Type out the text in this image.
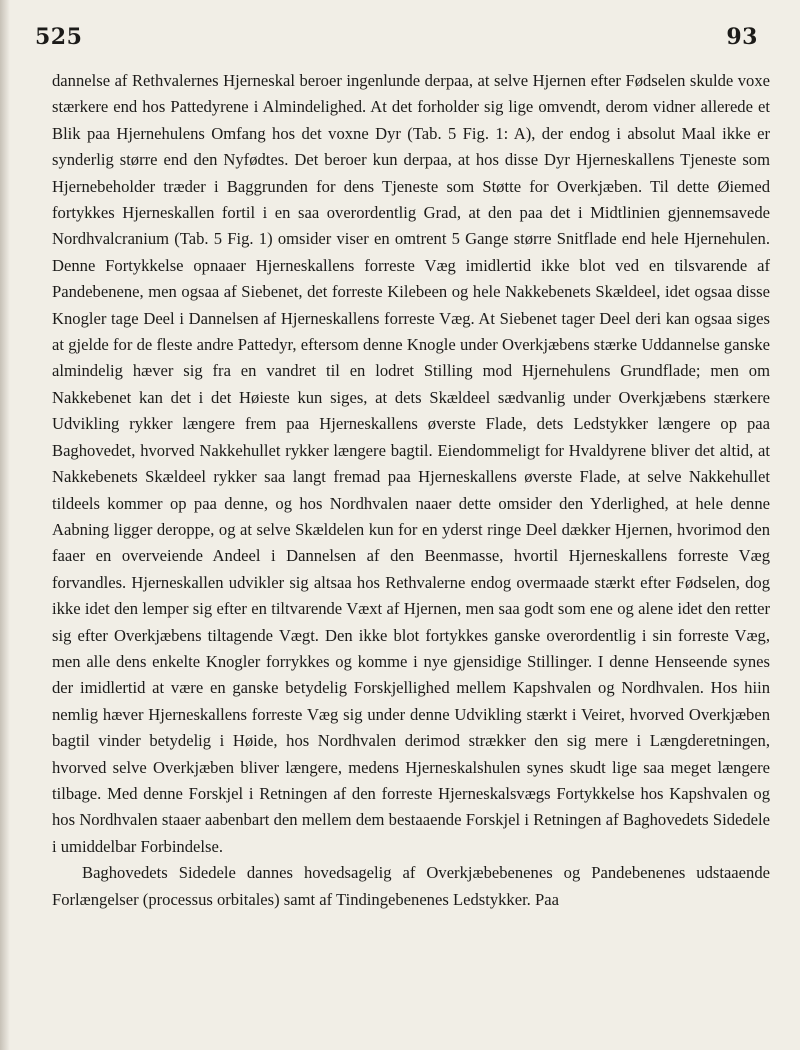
525	93

dannelse af Rethvalernes Hjerneskal beroer ingenlunde derpaa, at selve Hjernen efter Fødselen skulde voxe stærkere end hos Pattedyrene i Almindelighed. At det forholder sig lige omvendt, derom vidner allerede et Blik paa Hjernehulens Omfang hos det voxne Dyr (Tab. 5 Fig. 1: A), der endog i absolut Maal ikke er synderlig større end den Nyfødtes. Det beroer kun derpaa, at hos disse Dyr Hjerneskallens Tjeneste som Hjernebeholder træder i Baggrunden for dens Tjeneste som Støtte for Overkjæben. Til dette Øiemed fortykkes Hjerneskallen fortil i en saa overordentlig Grad, at den paa det i Midtlinien gjennemsavede Nordhvalcranium (Tab. 5 Fig. 1) omsider viser en omtrent 5 Gange større Snitflade end hele Hjernehulen. Denne Fortykkelse opnaaer Hjerneskallens forreste Væg imidlertid ikke blot ved en tilsvarende af Pandebenene, men ogsaa af Siebenet, det forreste Kilebeen og hele Nakkebenets Skældeel, idet ogsaa disse Knogler tage Deel i Dannelsen af Hjerneskallens forreste Væg. At Siebenet tager Deel deri kan ogsaa siges at gjelde for de fleste andre Pattedyr, eftersom denne Knogle under Overkjæbens stærke Uddannelse ganske almindelig hæver sig fra en vandret til en lodret Stilling mod Hjernehulens Grundflade; men om Nakkebenet kan det i det Høieste kun siges, at dets Skældeel sædvanlig under Overkjæbens stærkere Udvikling rykker længere frem paa Hjerneskallens øverste Flade, dets Ledstykker længere op paa Baghovedet, hvorved Nakkehullet rykker længere bagtil. Eiendommeligt for Hvaldyrene bliver det altid, at Nakkebenets Skældeel rykker saa langt fremad paa Hjerneskallens øverste Flade, at selve Nakkehullet tildeels kommer op paa denne, og hos Nordhvalen naaer dette omsider den Yderlighed, at hele denne Aabning ligger deroppe, og at selve Skældelen kun for en yderst ringe Deel dækker Hjernen, hvorimod den faaer en overveiende Andeel i Dannelsen af den Beenmasse, hvortil Hjerneskallens forreste Væg forvandles. Hjerneskallen udvikler sig altsaa hos Rethvalerne endog overmaade stærkt efter Fødselen, dog ikke idet den lemper sig efter en tiltvarende Væxt af Hjernen, men saa godt som ene og alene idet den retter sig efter Overkjæbens tiltagende Vægt. Den ikke blot fortykkes ganske overordentlig i sin forreste Væg, men alle dens enkelte Knogler forrykkes og komme i nye gjensidige Stillinger. I denne Henseende synes der imidlertid at være en ganske betydelig Forskjellighed mellem Kapshvalen og Nordhvalen. Hos hiin nemlig hæver Hjerneskallens forreste Væg sig under denne Udvikling stærkt i Veiret, hvorved Overkjæben bagtil vinder betydelig i Høide, hos Nordhvalen derimod strækker den sig mere i Længderetningen, hvorved selve Overkjæben bliver længere, medens Hjerneskalshulen synes skudt lige saa meget længere tilbage. Med denne Forskjel i Retningen af den forreste Hjerneskalsvægs Fortykkelse hos Kapshvalen og hos Nordhvalen staaer aabenbart den mellem dem bestaaende Forskjel i Retningen af Baghovedets Sidedele i umiddelbar Forbindelse.

Baghovedets Sidedele dannes hovedsagelig af Overkjæbebenenes og Pandebenenes udstaaende Forlængelser (processus orbitales) samt af Tindingebenenes Ledstykker. Paa
